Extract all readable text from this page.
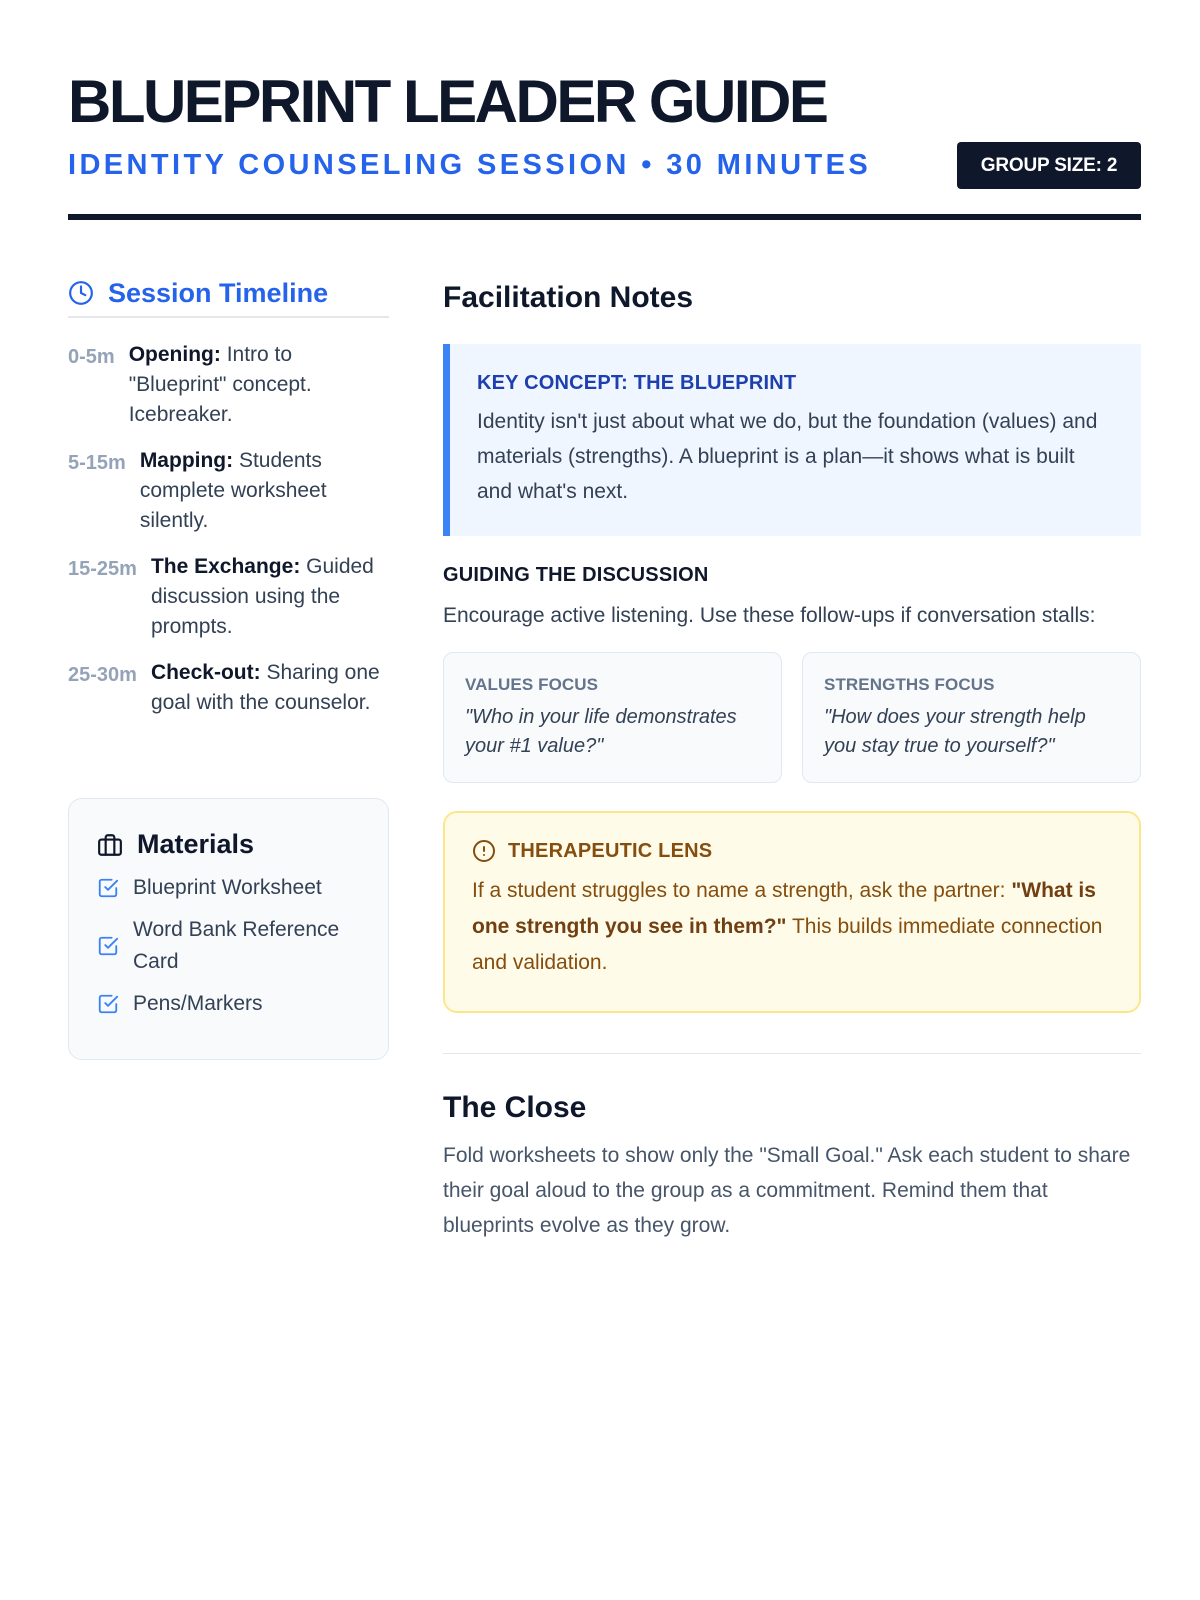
BLUEPRINT LEADER GUIDE
IDENTITY COUNSELING SESSION • 30 MINUTES	GROUP SIZE: 2
Session Timeline
0-5m Opening: Intro to "Blueprint" concept. Icebreaker.
5-15m Mapping: Students complete worksheet silently.
15-25m The Exchange: Guided discussion using the prompts.
25-30m Check-out: Sharing one goal with the counselor.
Materials
Blueprint Worksheet
Word Bank Reference Card
Pens/Markers
Facilitation Notes
KEY CONCEPT: THE BLUEPRINT
Identity isn't just about what we do, but the foundation (values) and materials (strengths). A blueprint is a plan—it shows what is built and what's next.
GUIDING THE DISCUSSION
Encourage active listening. Use these follow-ups if conversation stalls:
VALUES FOCUS
"Who in your life demonstrates your #1 value?"
STRENGTHS FOCUS
"How does your strength help you stay true to yourself?"
THERAPEUTIC LENS
If a student struggles to name a strength, ask the partner: "What is one strength you see in them?" This builds immediate connection and validation.
The Close
Fold worksheets to show only the "Small Goal." Ask each student to share their goal aloud to the group as a commitment. Remind them that blueprints evolve as they grow.
